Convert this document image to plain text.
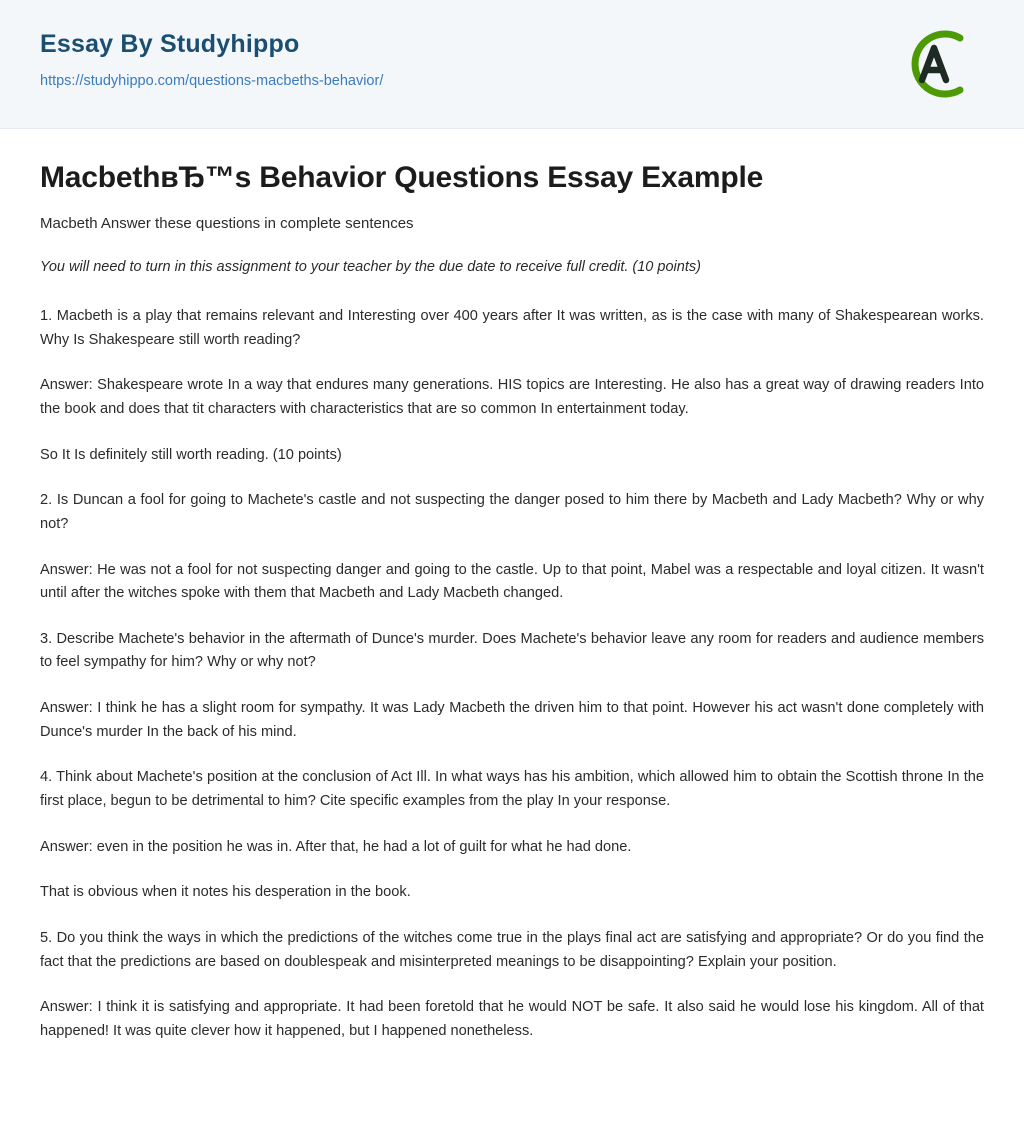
Essay By Studyhippo
https://studyhippo.com/questions-macbeths-behavior/
MacbethвЂ™s Behavior Questions Essay Example

Macbeth Answer these questions in complete sentences

You will need to turn in this assignment to your teacher by the due date to receive full credit. (10 points)

1. Macbeth is a play that remains relevant and Interesting over 400 years after It was written, as is the case with many of Shakespearean works. Why Is Shakespeare still worth reading?

Answer: Shakespeare wrote In a way that endures many generations. HIS topics are Interesting. He also has a great way of drawing readers Into the book and does that tit characters with characteristics that are so common In entertainment today.

So It Is definitely still worth reading. (10 points)

2. Is Duncan a fool for going to Machete's castle and not suspecting the danger posed to him there by Macbeth and Lady Macbeth? Why or why not?

Answer: He was not a fool for not suspecting danger and going to the castle. Up to that point, Mabel was a respectable and loyal citizen. It wasn't until after the witches spoke with them that Macbeth and Lady Macbeth changed.

3. Describe Machete's behavior in the aftermath of Dunce's murder. Does Machete's behavior leave any room for readers and audience members to feel sympathy for him? Why or why not?

Answer: I think he has a slight room for sympathy. It was Lady Macbeth the driven him to that point. However his act wasn't done completely with Dunce's murder In the back of his mind.

4. Think about Machete's position at the conclusion of Act Ill. In what ways has his ambition, which allowed him to obtain the Scottish throne In the first place, begun to be detrimental to him? Cite specific examples from the play In your response.

Answer: even in the position he was in. After that, he had a lot of guilt for what he had done.

That is obvious when it notes his desperation in the book.

5. Do you think the ways in which the predictions of the witches come true in the plays final act are satisfying and appropriate? Or do you find the fact that the predictions are based on doublespeak and misinterpreted meanings to be disappointing? Explain your position.

Answer: I think it is satisfying and appropriate. It had been foretold that he would NOT be safe. It also said he would lose his kingdom. All of that happened! It was quite clever how it happened, but I happened nonetheless.
